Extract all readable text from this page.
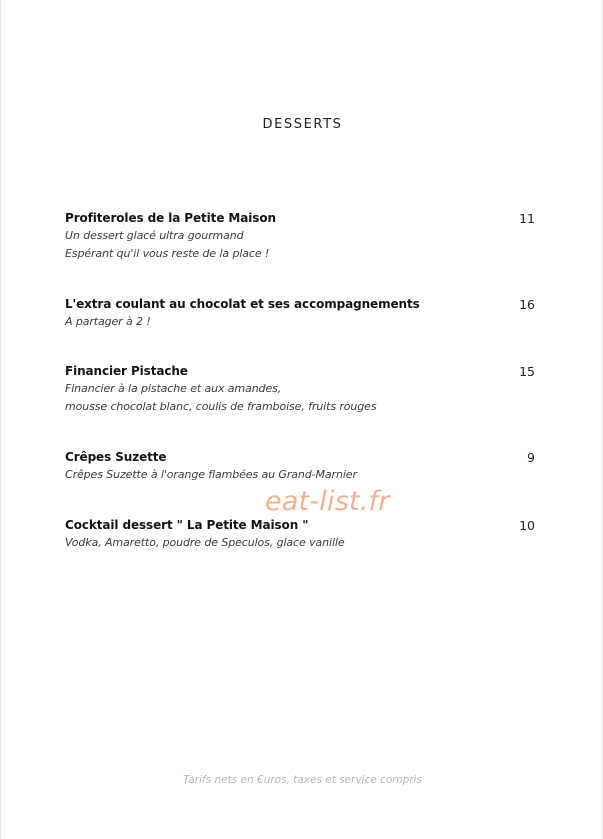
DESSERTS
Profiteroles de la Petite Maison	11
Un dessert glacé ultra gourmand
Espérant qu'il vous reste de la place !
L'extra coulant au chocolat et ses accompagnements	16
A partager à 2 !
Financier Pistache	15
Financier à la pistache et aux amandes,
mousse chocolat blanc, coulis de framboise, fruits rouges
Crêpes Suzette	9
Crêpes Suzette à l'orange flambées au Grand-Marnier
Cocktail dessert " La Petite Maison "	10
Vodka, Amaretto, poudre de Speculos, glace vanille
eat-list.fr
Tarifs nets en €uros, taxes et service compris
